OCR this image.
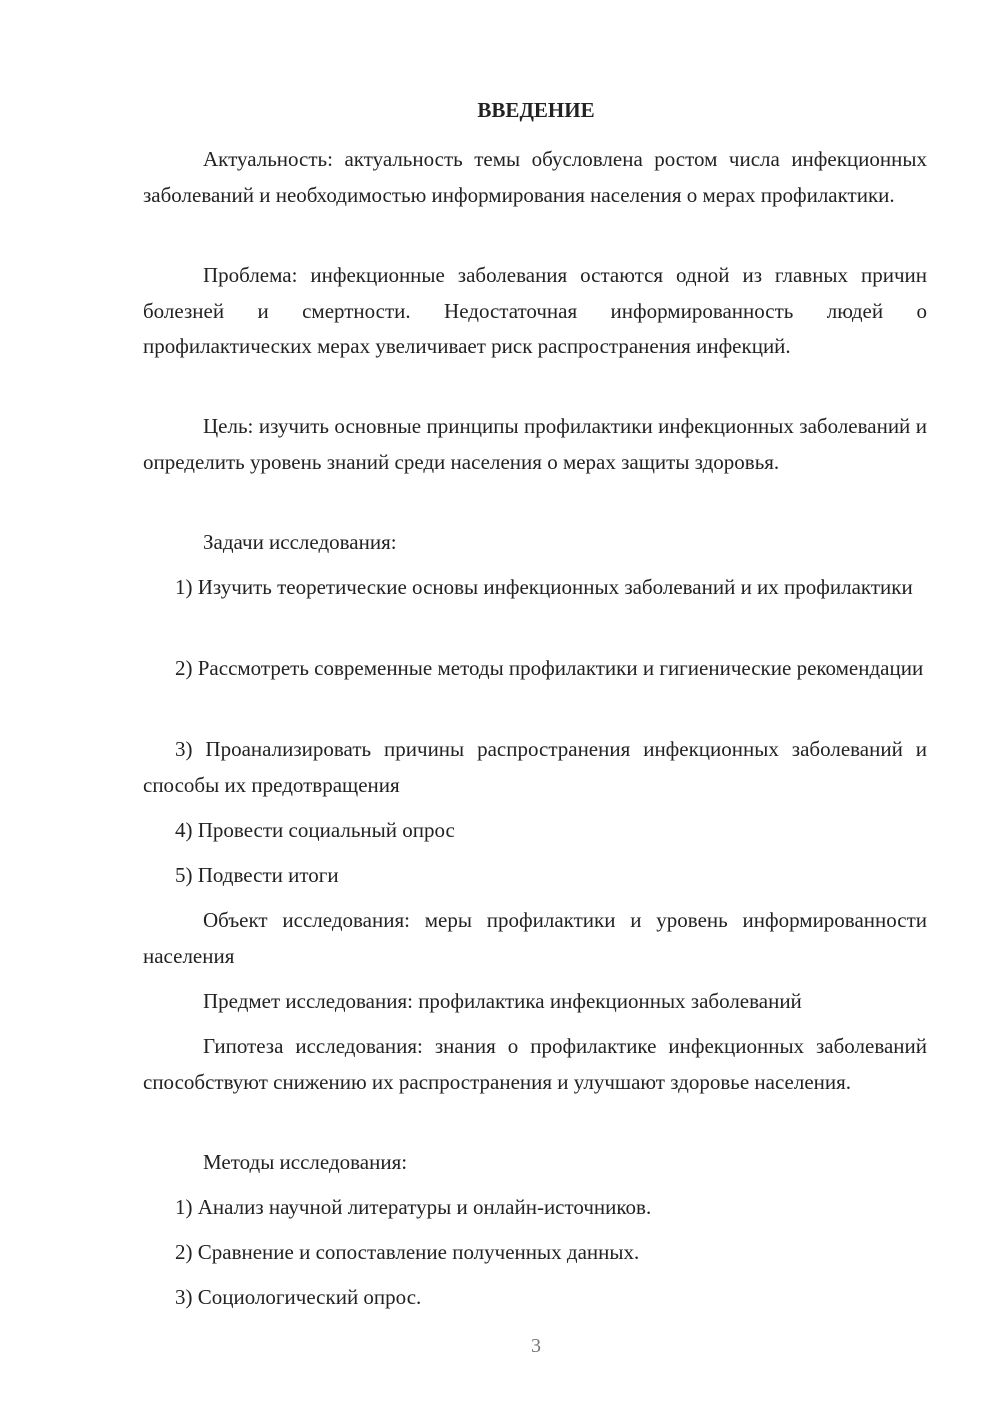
ВВЕДЕНИЕ

Актуальность: актуальность темы обусловлена ростом числа инфекционных заболеваний и необходимостью информирования населения о мерах профилактики.

Проблема: инфекционные заболевания остаются одной из главных причин болезней и смертности. Недостаточная информированность людей о профилактических мерах увеличивает риск распространения инфекций.

Цель: изучить основные принципы профилактики инфекционных заболеваний и определить уровень знаний среди населения о мерах защиты здоровья.

Задачи исследования:

1) Изучить теоретические основы инфекционных заболеваний и их профилактики

2) Рассмотреть современные методы профилактики и гигиенические рекомендации

3) Проанализировать причины распространения инфекционных заболеваний и способы их предотвращения

4) Провести социальный опрос

5) Подвести итоги

Объект исследования: меры профилактики и уровень информированности населения

Предмет исследования: профилактика инфекционных заболеваний

Гипотеза исследования: знания о профилактике инфекционных заболеваний способствуют снижению их распространения и улучшают здоровье населения.

Методы исследования:

1) Анализ научной литературы и онлайн-источников.

2) Сравнение и сопоставление полученных данных.

3) Социологический опрос.

3
